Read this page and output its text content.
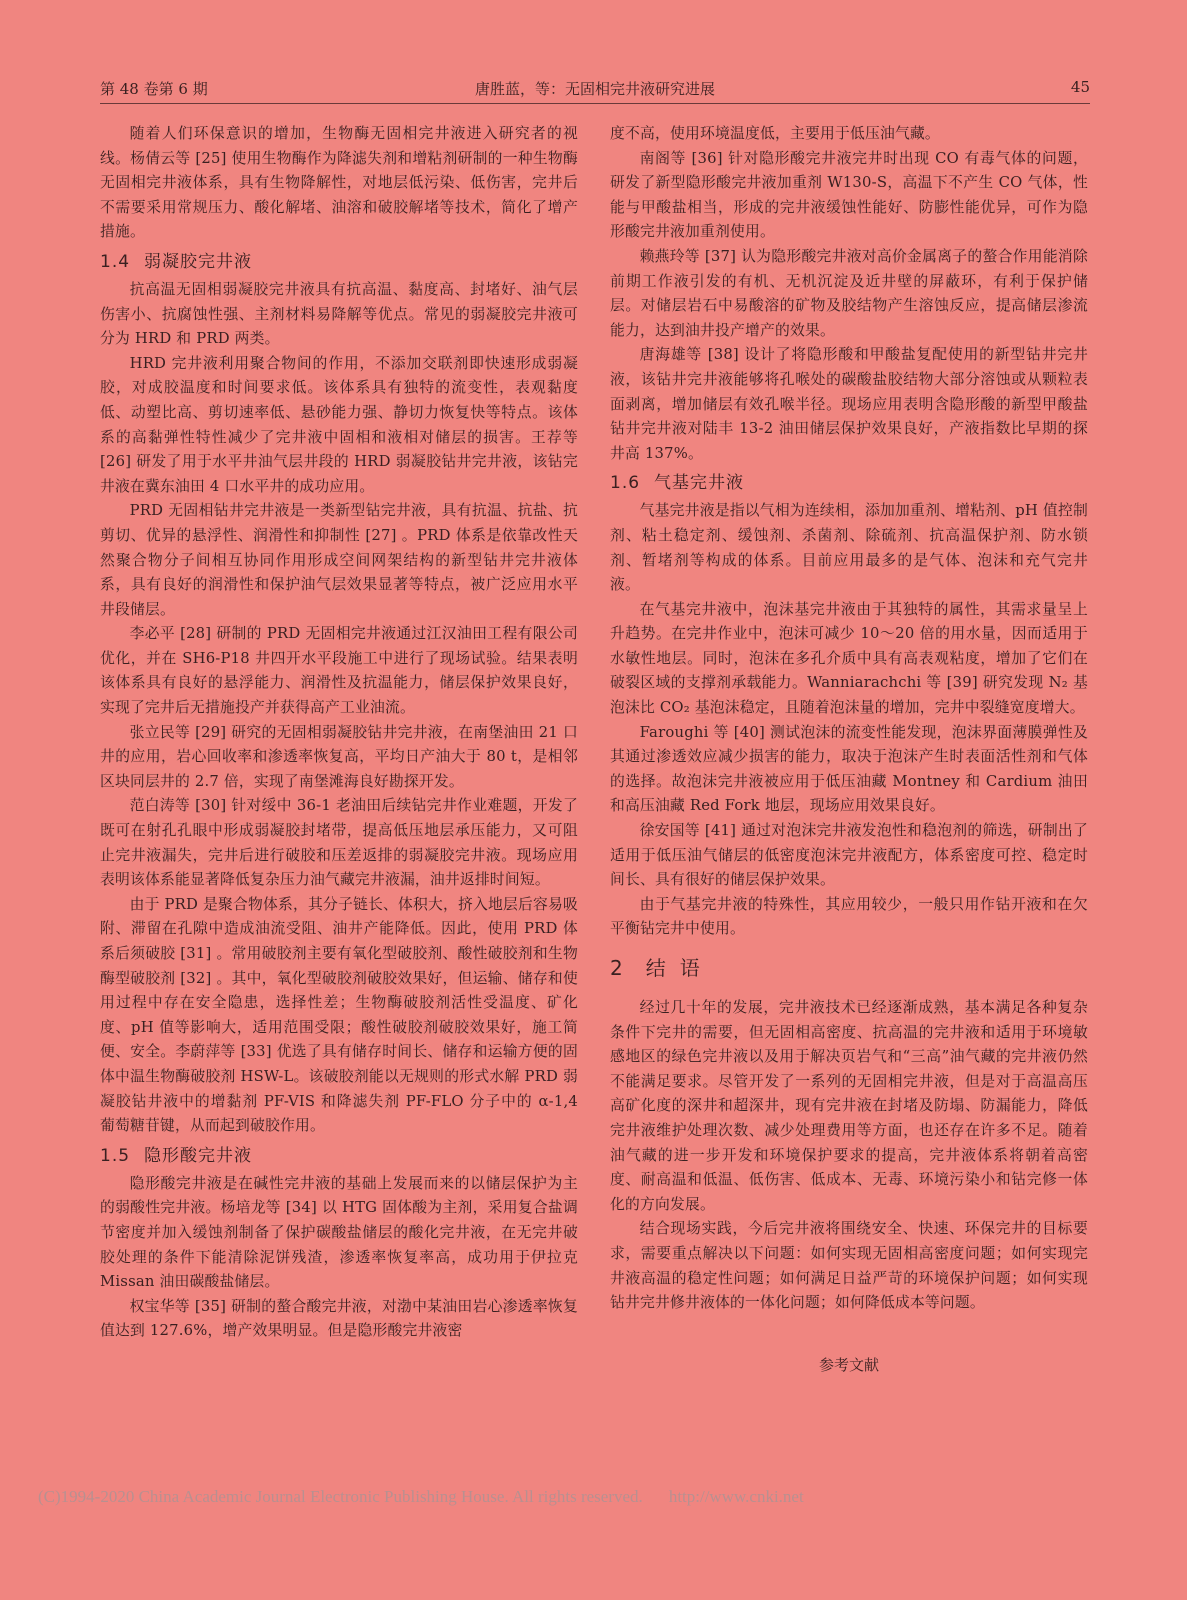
第 48 卷第 6 期	唐胜蓝，等：无固相完井液研究进展	45

随着人们环保意识的增加，生物酶无固相完井液进入研究者的视线。杨倩云等 [25] 使用生物酶作为降滤失剂和增粘剂研制的一种生物酶无固相完井液体系，具有生物降解性，对地层低污染、低伤害，完井后不需要采用常规压力、酸化解堵、油溶和破胶解堵等技术，简化了增产措施。

1.4 弱凝胶完井液

抗高温无固相弱凝胶完井液具有抗高温、黏度高、封堵好、油气层伤害小、抗腐蚀性强、主剂材料易降解等优点。常见的弱凝胶完井液可分为 HRD 和 PRD 两类。

HRD 完井液利用聚合物间的作用，不添加交联剂即快速形成弱凝胶，对成胶温度和时间要求低。该体系具有独特的流变性，表观黏度低、动塑比高、剪切速率低、悬砂能力强、静切力恢复快等特点。该体系的高黏弹性特性减少了完井液中固相和液相对储层的损害。王荐等 [26] 研发了用于水平井油气层井段的 HRD 弱凝胶钻井完井液，该钻完井液在冀东油田 4 口水平井的成功应用。

PRD 无固相钻井完井液是一类新型钻完井液，具有抗温、抗盐、抗剪切、优异的悬浮性、润滑性和抑制性 [27] 。PRD 体系是依靠改性天然聚合物分子间相互协同作用形成空间网架结构的新型钻井完井液体系，具有良好的润滑性和保护油气层效果显著等特点，被广泛应用水平井段储层。

李必平 [28] 研制的 PRD 无固相完井液通过江汉油田工程有限公司优化，并在 SH6-P18 井四开水平段施工中进行了现场试验。结果表明该体系具有良好的悬浮能力、润滑性及抗温能力，储层保护效果良好，实现了完井后无措施投产并获得高产工业油流。

张立民等 [29] 研究的无固相弱凝胶钻井完井液，在南堡油田 21 口井的应用，岩心回收率和渗透率恢复高，平均日产油大于 80 t，是相邻区块同层井的 2.7 倍，实现了南堡滩海良好勘探开发。

范白涛等 [30] 针对绥中 36-1 老油田后续钻完井作业难题，开发了既可在射孔孔眼中形成弱凝胶封堵带，提高低压地层承压能力，又可阻止完井液漏失，完井后进行破胶和压差返排的弱凝胶完井液。现场应用表明该体系能显著降低复杂压力油气藏完井液漏，油井返排时间短。

由于 PRD 是聚合物体系，其分子链长、体积大，挤入地层后容易吸附、滞留在孔隙中造成油流受阻、油井产能降低。因此，使用 PRD 体系后须破胶 [31] 。常用破胶剂主要有氧化型破胶剂、酸性破胶剂和生物酶型破胶剂 [32] 。其中，氧化型破胶剂破胶效果好，但运输、储存和使用过程中存在安全隐患，选择性差；生物酶破胶剂活性受温度、矿化度、pH 值等影响大，适用范围受限；酸性破胶剂破胶效果好，施工简便、安全。李蔚萍等 [33] 优选了具有储存时间长、储存和运输方便的固体中温生物酶破胶剂 HSW-L。该破胶剂能以无规则的形式水解 PRD 弱凝胶钻井液中的增黏剂 PF-VIS 和降滤失剂 PF-FLO 分子中的 α-1,4 葡萄糖苷键，从而起到破胶作用。

1.5 隐形酸完井液

隐形酸完井液是在碱性完井液的基础上发展而来的以储层保护为主的弱酸性完井液。杨培龙等 [34] 以 HTG 固体酸为主剂，采用复合盐调节密度并加入缓蚀剂制备了保护碳酸盐储层的酸化完井液，在无完井破胶处理的条件下能清除泥饼残渣，渗透率恢复率高，成功用于伊拉克 Missan 油田碳酸盐储层。

权宝华等 [35] 研制的螯合酸完井液，对渤中某油田岩心渗透率恢复值达到 127.6%，增产效果明显。但是隐形酸完井液密

度不高，使用环境温度低，主要用于低压油气藏。

南阁等 [36] 针对隐形酸完井液完井时出现 CO 有毒气体的问题，研发了新型隐形酸完井液加重剂 W130-S，高温下不产生 CO 气体，性能与甲酸盐相当，形成的完井液缓蚀性能好、防膨性能优异，可作为隐形酸完井液加重剂使用。

赖燕玲等 [37] 认为隐形酸完井液对高价金属离子的螯合作用能消除前期工作液引发的有机、无机沉淀及近井壁的屏蔽环，有利于保护储层。对储层岩石中易酸溶的矿物及胶结物产生溶蚀反应，提高储层渗流能力，达到油井投产增产的效果。

唐海雄等 [38] 设计了将隐形酸和甲酸盐复配使用的新型钻井完井液，该钻井完井液能够将孔喉处的碳酸盐胶结物大部分溶蚀或从颗粒表面剥离，增加储层有效孔喉半径。现场应用表明含隐形酸的新型甲酸盐钻井完井液对陆丰 13-2 油田储层保护效果良好，产液指数比早期的探井高 137%。

1.6 气基完井液

气基完井液是指以气相为连续相，添加加重剂、增粘剂、pH 值控制剂、粘土稳定剂、缓蚀剂、杀菌剂、除硫剂、抗高温保护剂、防水锁剂、暂堵剂等构成的体系。目前应用最多的是气体、泡沫和充气完井液。

在气基完井液中，泡沫基完井液由于其独特的属性，其需求量呈上升趋势。在完井作业中，泡沫可减少 10～20 倍的用水量，因而适用于水敏性地层。同时，泡沫在多孔介质中具有高表观粘度，增加了它们在破裂区域的支撑剂承载能力。Wanniarachchi 等 [39] 研究发现 N₂ 基泡沫比 CO₂ 基泡沫稳定，且随着泡沫量的增加，完井中裂缝宽度增大。

Faroughi 等 [40] 测试泡沫的流变性能发现，泡沫界面薄膜弹性及其通过渗透效应减少损害的能力，取决于泡沫产生时表面活性剂和气体的选择。故泡沫完井液被应用于低压油藏 Montney 和 Cardium 油田和高压油藏 Red Fork 地层，现场应用效果良好。

徐安国等 [41] 通过对泡沫完井液发泡性和稳泡剂的筛选，研制出了适用于低压油气储层的低密度泡沫完井液配方，体系密度可控、稳定时间长、具有很好的储层保护效果。

由于气基完井液的特殊性，其应用较少，一般只用作钻开液和在欠平衡钻完井中使用。

2 结语

经过几十年的发展，完井液技术已经逐渐成熟，基本满足各种复杂条件下完井的需要，但无固相高密度、抗高温的完井液和适用于环境敏感地区的绿色完井液以及用于解决页岩气和“三高”油气藏的完井液仍然不能满足要求。尽管开发了一系列的无固相完井液，但是对于高温高压高矿化度的深井和超深井，现有完井液在封堵及防塌、防漏能力，降低完井液维护处理次数、减少处理费用等方面，也还存在许多不足。随着油气藏的进一步开发和环境保护要求的提高，完井液体系将朝着高密度、耐高温和低温、低伤害、低成本、无毒、环境污染小和钻完修一体化的方向发展。

结合现场实践，今后完井液将围绕安全、快速、环保完井的目标要求，需要重点解决以下问题：如何实现无固相高密度问题；如何实现完井液高温的稳定性问题；如何满足日益严苛的环境保护问题；如何实现钻井完井修井液体的一体化问题；如何降低成本等问题。

参考文献
(C)1994-2020 China Academic Journal Electronic Publishing House. All rights reserved. http://www.cnki.net
